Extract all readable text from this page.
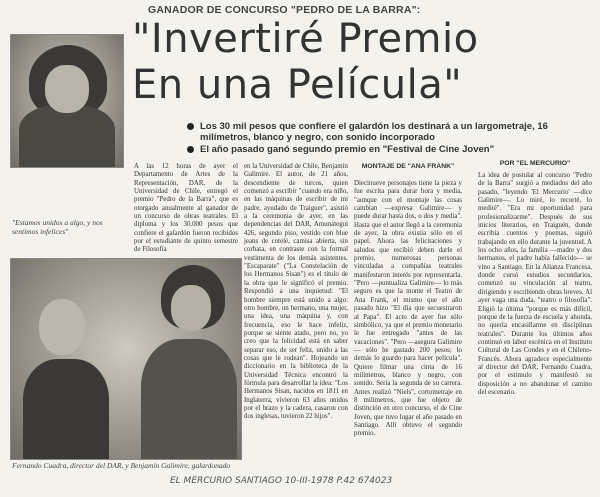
GANADOR DE CONCURSO "PEDRO DE LA BARRA":
"Invertiré Premio
En una Película"
Los 30 mil pesos que confiere el galardón los destinará a un largometraje, 16 milímetros, blanco y negro, con sonido incorporado
El año pasado ganó segundo premio en "Festival de Cine Joven"
"Estamos unidos a algo, y nos sentimos infelices"
Fernando Cuadra, director del DAR, y Benjamín Galimire, galardonado
A las 12 horas de ayer el Departamento de Artes de la Representación, DAR, de la Universidad de Chile, entregó el premio "Pedro de la Barra", que es otorgado anualmente al ganador de un concurso de obras teatrales. El diploma y los 30.000 pesos que confiere el galardón fueron recibidos por el estudiante de quinto semestre de Filosofía
en la Universidad de Chile, Benjamín Galimire. El autor, de 21 años, descendiente de turcos, quien comenzó a escribir "cuando era niño, en las máquinas de escribir de mi padre, ayudado de Traiguer", asistió a la ceremonia de ayer, en las dependencias del DAR, Amunátegui 426, segundo piso, vestido con blue jeans de cotelé, camisa abierta, sin corbata, en contraste con la formal vestimenta de los demás asistentes. "Escaparate" ("La Constelación de los Hermanos Sisan") es el título de la obra que le significó el premio. Respondió a una inquietud: "El hombre siempre está unido a algo: otro hombre, un hermano, una mujer, una idea, una máquina y, con frecuencia, eso le hace infeliz, porque se siente atado, pero no, yo creo que la felicidad está en saber separar eso, de ser feliz, unido a las cosas que le rodean". Hojeando un diccionario en la biblioteca de la Universidad Técnica encontró la fórmula para desarrollar la idea: "Los Hermanos Sisan, nacidos en 1811 en Inglaterra, vivieron 63 años unidos por el brazo y la cadera, casaron con dos inglesas, tuvieron 22 hijos".
MONTAJE DE "ANA FRANK"
Diecinueve personajes tiene la pieza y fue escrita para durar hora y media, "aunque con el montaje las cosas cambian —expresa Galimire— y puede durar hasta dos, o dos y media". Hasta que el autor llegó a la ceremonia de ayer, la obra existía sólo en el papel. Ahora las felicitaciones y saludos que recibió deben darle el premio, numerosas personas vinculadas a compañías teatrales manifestaron interés por representarla. "Pero —puntualiza Galimire— lo más seguro es que la monte el Teatro de Ana Frank, el mismo que el año pasado hizo "El día que secuestraron al Papa". El acto de ayer fue sólo simbólico, ya que el premio monetario le fue entregado "antes de las vacaciones". "Pero —asegura Galimire— sólo he gastado 200 pesos; lo demás lo guardo para hacer película". Quiere filmar una cinta de 16 milímetros, blanco y negro, con sonido. Sería la segunda de su carrera. Antes realizó "Niels", cortometraje en 8 milímetros, que fue objeto de distinción en otro concurso, el de Cine Joven, que tuvo lugar el año pasado en Santiago. Allí obtuvo el segundo premio.
POR "EL MERCURIO"
La idea de postular al concurso "Pedro de la Barra" surgió a mediados del año pasado, "leyendo 'El Mercurio' —dice Galimire—. Lo miré, lo recorté, lo medité". "Era mi oportunidad para profesionalizarme". Después de sus inicios literarios, en Traiguén, donde escribía cuentos y poemas, siguió trabajando en ello durante la juventud. A los ocho años, la familia —madre y dos hermanos, el padre había fallecido— se vino a Santiago. En la Alianza Francesa, donde cursó estudios secundarios, comenzó su vinculación al teatro, dirigiendo y escribiendo obras breves. Al ayer vaga una duda, "teatro o filosofía". Eligió la última "porque es más difícil, porque de la fuerza de escuela y ahonda, no quería encasillarme en disciplinas teatrales". Durante los últimos años continuó en labor escénica en el Instituto Cultural de Las Condes y en el Chileno-Francés. Ahora agradece especialmente al director del DAR, Fernando Cuadra, por el estímulo y manifestó su disposición a no abandonar el camino del escenario.
EL MERCURIO SANTIAGO 10-III-1978 P.42 674023
